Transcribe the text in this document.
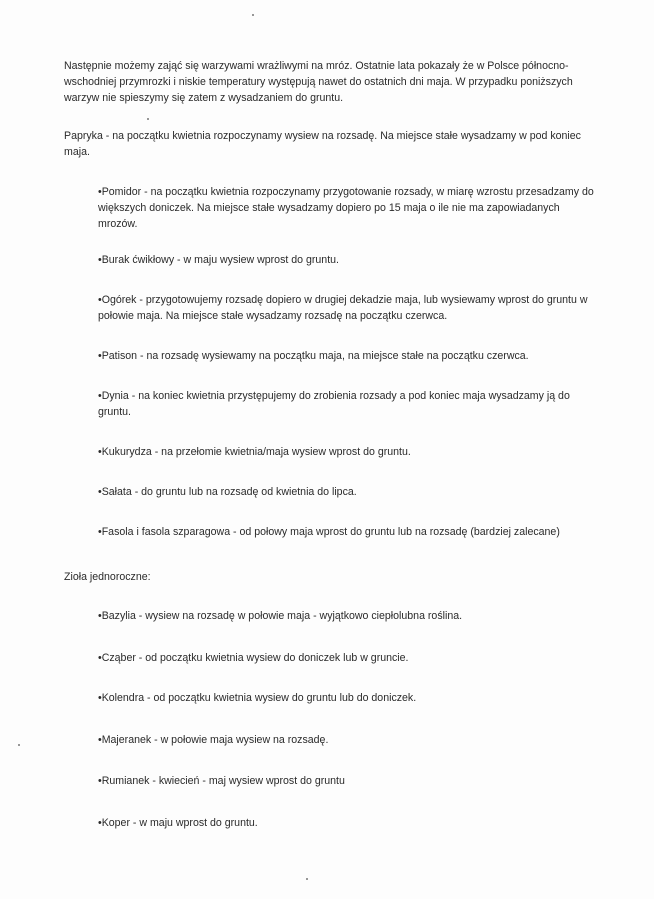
Następnie możemy zająć się warzywami wrażliwymi na mróz. Ostatnie lata pokazały że w Polsce północno-wschodniej przymrozki i niskie temperatury występują nawet do ostatnich dni maja. W przypadku poniższych warzyw nie spieszymy się zatem z wysadzaniem do gruntu.

Papryka - na początku kwietnia rozpoczynamy wysiew na rozsadę. Na miejsce stałe wysadzamy w pod koniec maja.

•Pomidor - na początku kwietnia rozpoczynamy przygotowanie rozsady, w miarę wzrostu przesadzamy do większych doniczek. Na miejsce stałe wysadzamy dopiero po 15 maja o ile nie ma zapowiadanych mrozów.

•Burak ćwikłowy - w maju wysiew wprost do gruntu.

•Ogórek - przygotowujemy rozsadę dopiero w drugiej dekadzie maja, lub wysiewamy wprost do gruntu w połowie maja. Na miejsce stałe wysadzamy rozsadę na początku czerwca.

•Patison - na rozsadę wysiewamy na początku maja, na miejsce stałe na początku czerwca.

•Dynia - na koniec kwietnia przystępujemy do zrobienia rozsady a pod koniec maja wysadzamy ją do gruntu.

•Kukurydza - na przełomie kwietnia/maja wysiew wprost do gruntu.

•Sałata - do gruntu lub na rozsadę od kwietnia do lipca.

•Fasola i fasola szparagowa - od połowy maja wprost do gruntu lub na rozsadę (bardziej zalecane)

Zioła jednoroczne:

•Bazylia - wysiew na rozsadę w połowie maja - wyjątkowo ciepłolubna roślina.

•Cząber - od początku kwietnia wysiew do doniczek lub w gruncie.

•Kolendra - od początku kwietnia wysiew do gruntu lub do doniczek.

•Majeranek - w połowie maja wysiew na rozsadę.

•Rumianek - kwiecień - maj wysiew wprost do gruntu

•Koper - w maju wprost do gruntu.
